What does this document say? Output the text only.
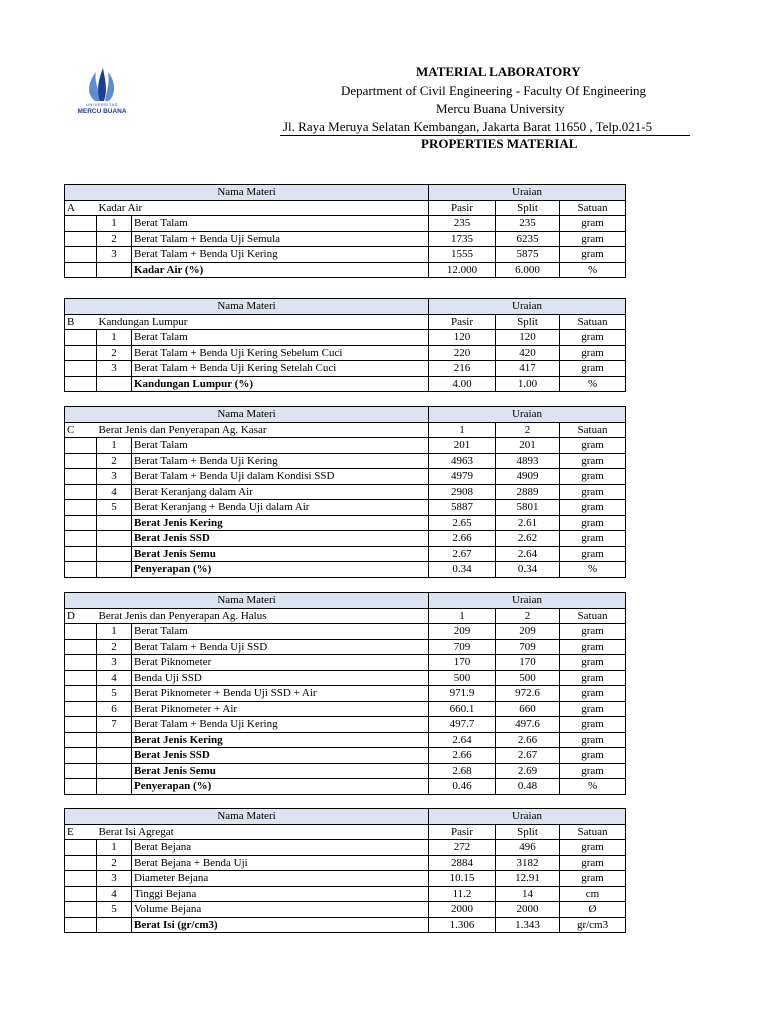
UNIVERSITAS
MERCU BUANA
MATERIAL LABORATORY
Department of Civil Engineering - Faculty Of Engineering
Mercu Buana University
Jl. Raya Meruya Selatan Kembangan, Jakarta Barat 11650 , Telp.021-5
PROPERTIES MATERIAL
Nama Materi			Uraian		
A	Kadar Air		Pasir	Split	Satuan
	1	Berat Talam	235	235	gram
	2	Berat Talam + Benda Uji Semula	1735	6235	gram
	3	Berat Talam + Benda Uji Kering	1555	5875	gram
		Kadar Air (%)	12.000	6.000	%
Nama Materi			Uraian		
B	Kandungan Lumpur		Pasir	Split	Satuan
	1	Berat Talam	120	120	gram
	2	Berat Talam + Benda Uji Kering Sebelum Cuci	220	420	gram
	3	Berat Talam + Benda Uji Kering Setelah Cuci	216	417	gram
		Kandungan Lumpur (%)	4.00	1.00	%
Nama Materi			Uraian		
C	Berat Jenis dan Penyerapan Ag. Kasar		1	2	Satuan
	1	Berat Talam	201	201	gram
	2	Berat Talam + Benda Uji Kering	4963	4893	gram
	3	Berat Talam + Benda Uji dalam Kondisi SSD	4979	4909	gram
	4	Berat Keranjang dalam Air	2908	2889	gram
	5	Berat Keranjang + Benda Uji dalam Air	5887	5801	gram
		Berat Jenis Kering	2.65	2.61	gram
		Berat Jenis SSD	2.66	2.62	gram
		Berat Jenis Semu	2.67	2.64	gram
		Penyerapan (%)	0.34	0.34	%
Nama Materi			Uraian		
D	Berat Jenis dan Penyerapan Ag. Halus		1	2	Satuan
	1	Berat Talam	209	209	gram
	2	Berat Talam + Benda Uji SSD	709	709	gram
	3	Berat Piknometer	170	170	gram
	4	Benda Uji SSD	500	500	gram
	5	Berat Piknometer + Benda Uji SSD + Air	971.9	972.6	gram
	6	Berat Piknometer + Air	660.1	660	gram
	7	Berat Talam + Benda Uji Kering	497.7	497.6	gram
		Berat Jenis Kering	2.64	2.66	gram
		Berat Jenis SSD	2.66	2.67	gram
		Berat Jenis Semu	2.68	2.69	gram
		Penyerapan (%)	0.46	0.48	%
Nama Materi			Uraian		
E	Berat Isi Agregat		Pasir	Split	Satuan
	1	Berat Bejana	272	496	gram
	2	Berat Bejana + Benda Uji	2884	3182	gram
	3	Diameter Bejana	10.15	12.91	gram
	4	Tinggi Bejana	11.2	14	cm
	5	Volume Bejana	2000	2000	Ø
		Berat Isi (gr/cm3)	1.306	1.343	gr/cm3
